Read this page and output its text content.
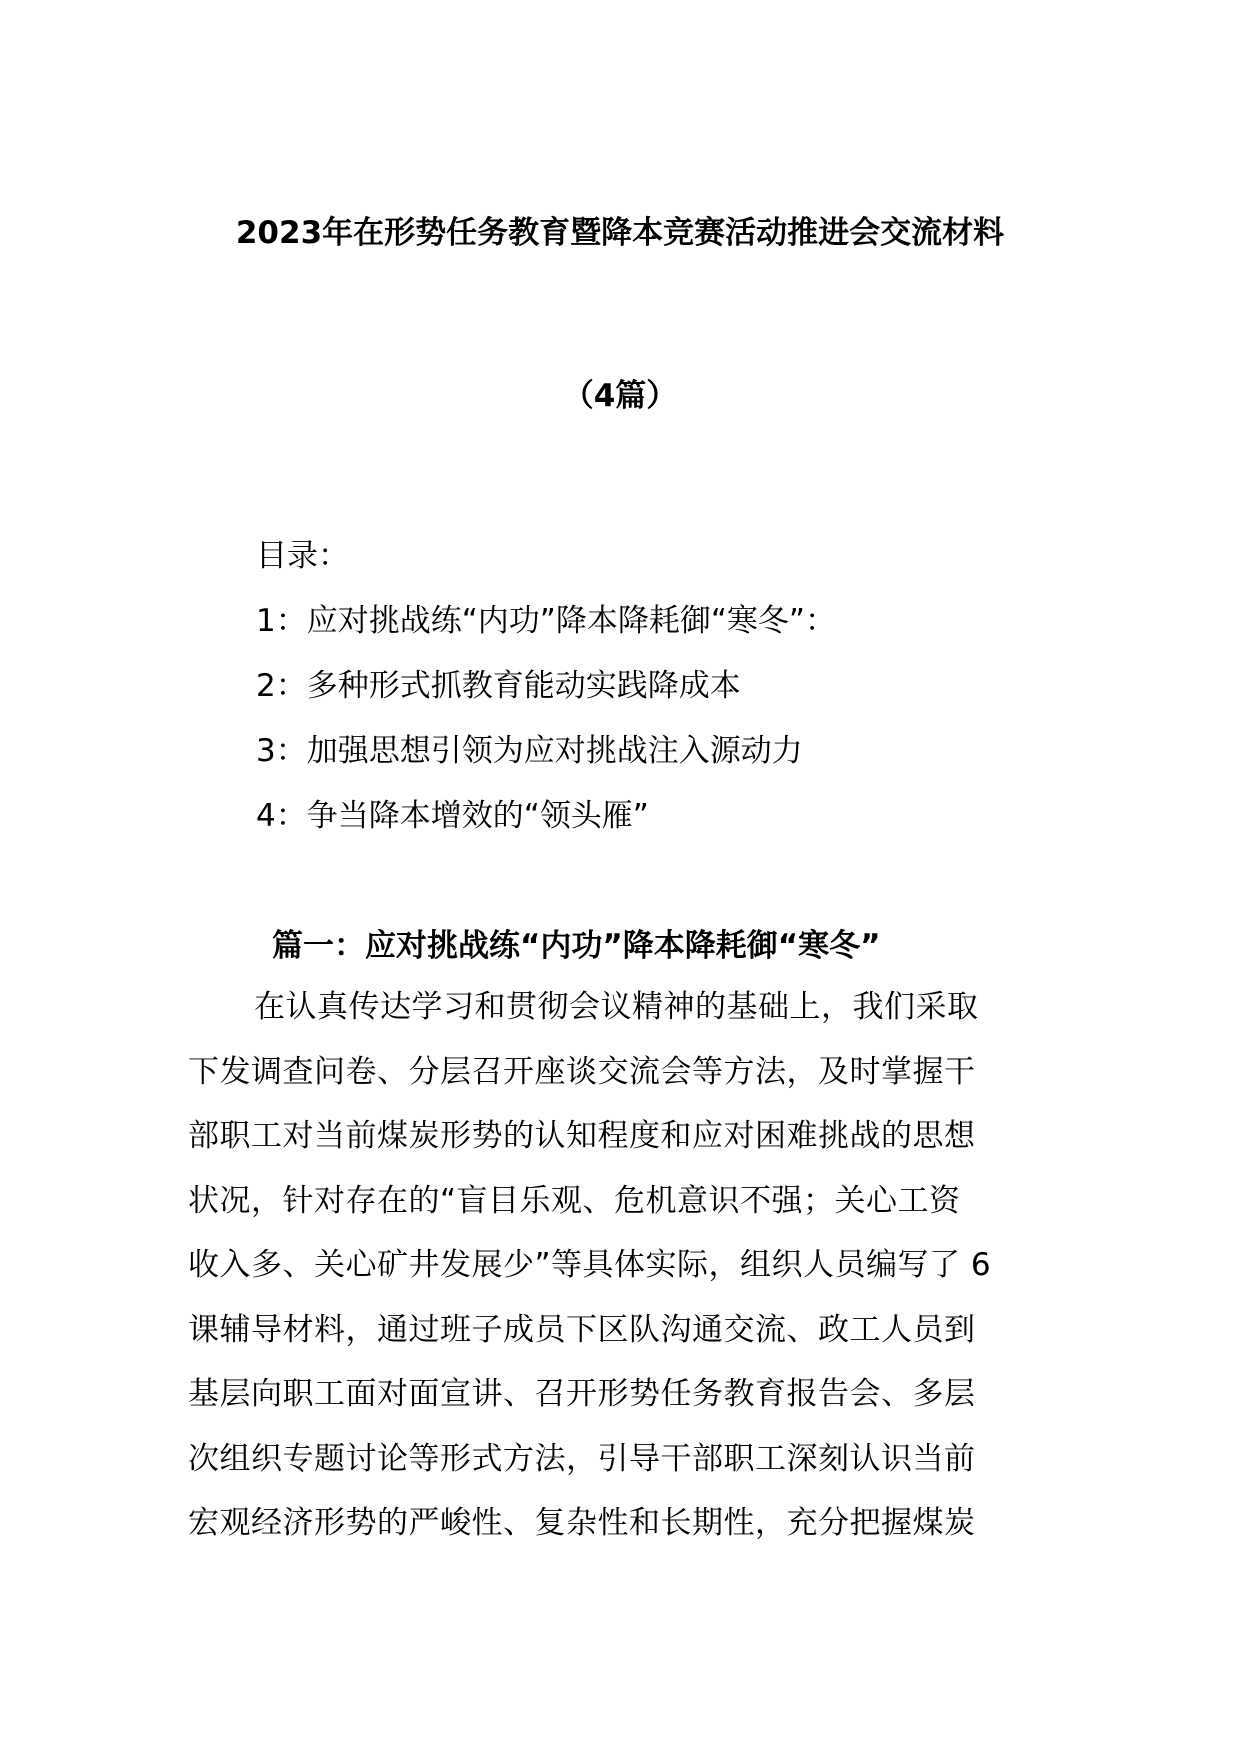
2023年在形势任务教育暨降本竞赛活动推进会交流材料
（4篇）
目录：
1：应对挑战练“内功”降本降耗御“寒冬”：
2：多种形式抓教育能动实践降成本
3：加强思想引领为应对挑战注入源动力
4：争当降本增效的“领头雁”
篇一：应对挑战练“内功”降本降耗御“寒冬”
在认真传达学习和贯彻会议精神的基础上，我们采取
下发调查问卷、分层召开座谈交流会等方法，及时掌握干
部职工对当前煤炭形势的认知程度和应对困难挑战的思想
状况，针对存在的“盲目乐观、危机意识不强；关心工资
收入多、关心矿井发展少”等具体实际，组织人员编写了 6
课辅导材料，通过班子成员下区队沟通交流、政工人员到
基层向职工面对面宣讲、召开形势任务教育报告会、多层
次组织专题讨论等形式方法，引导干部职工深刻认识当前
宏观经济形势的严峻性、复杂性和长期性，充分把握煤炭
